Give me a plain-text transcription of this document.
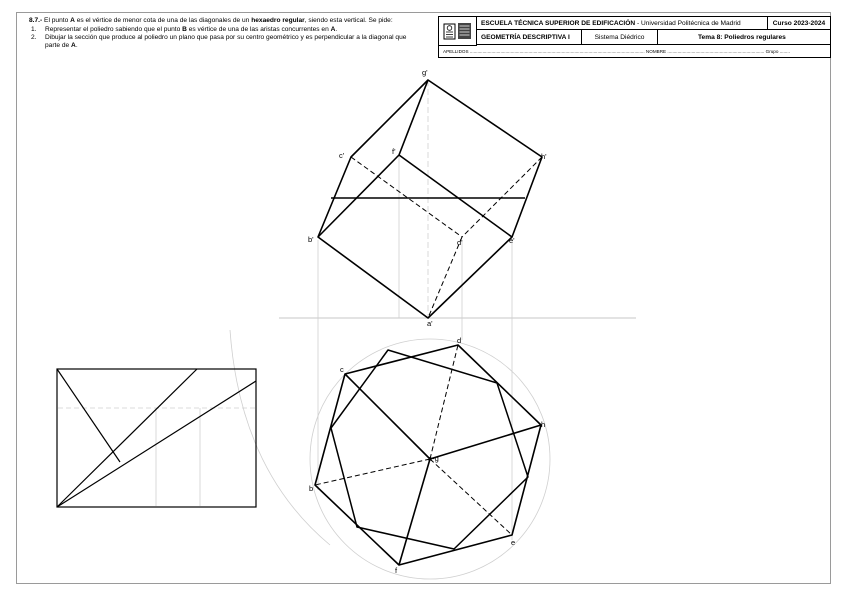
8.7.- El punto A es el vértice de menor cota de una de las diagonales de un hexaedro regular, siendo esta vertical. Se pide:

1. Representar el poliedro sabiendo que el punto B es vértice de una de las aristas concurrentes en A.
2. Dibujar la sección que produce al poliedro un plano que pasa por su centro geométrico y es perpendicular a la diagonal que parte de A.
ESCUELA TÉCNICA SUPERIOR DE EDIFICACIÓN
- Universidad Politécnica de Madrid	Curso 2023-2024
GEOMETRÍA DESCRIPTIVA I	Sistema Diédrico	Tema 8: Poliedros regulares
APELLIDOS ......................................................................................................................................... NOMBRE ............................................................................ Grupo ........
g'
c'	f'
h'
b'	d'	e'
a'
d
c
h
a-g
b
e
f
